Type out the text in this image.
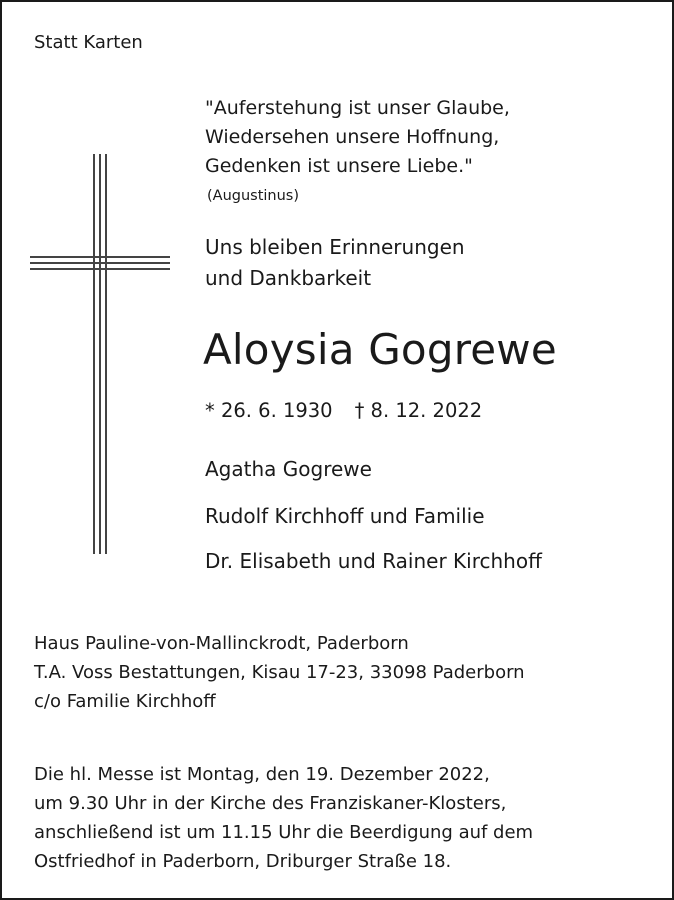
Statt Karten

"Auferstehung ist unser Glaube,
Wiedersehen unsere Hoffnung,
Gedenken ist unsere Liebe."

(Augustinus)

Uns bleiben Erinnerungen
und Dankbarkeit

Aloysia Gogrewe

* 26. 6. 1930 † 8. 12. 2022

Agatha Gogrewe

Rudolf Kirchhoff und Familie

Dr. Elisabeth und Rainer Kirchhoff

Haus Pauline-von-Mallinckrodt, Paderborn
T.A. Voss Bestattungen, Kisau 17-23, 33098 Paderborn
c/o Familie Kirchhoff
Die hl. Messe ist Montag, den 19. Dezember 2022,
um 9.30 Uhr in der Kirche des Franziskaner-Klosters,
anschließend ist um 11.15 Uhr die Beerdigung auf dem
Ostfriedhof in Paderborn, Driburger Straße 18.
